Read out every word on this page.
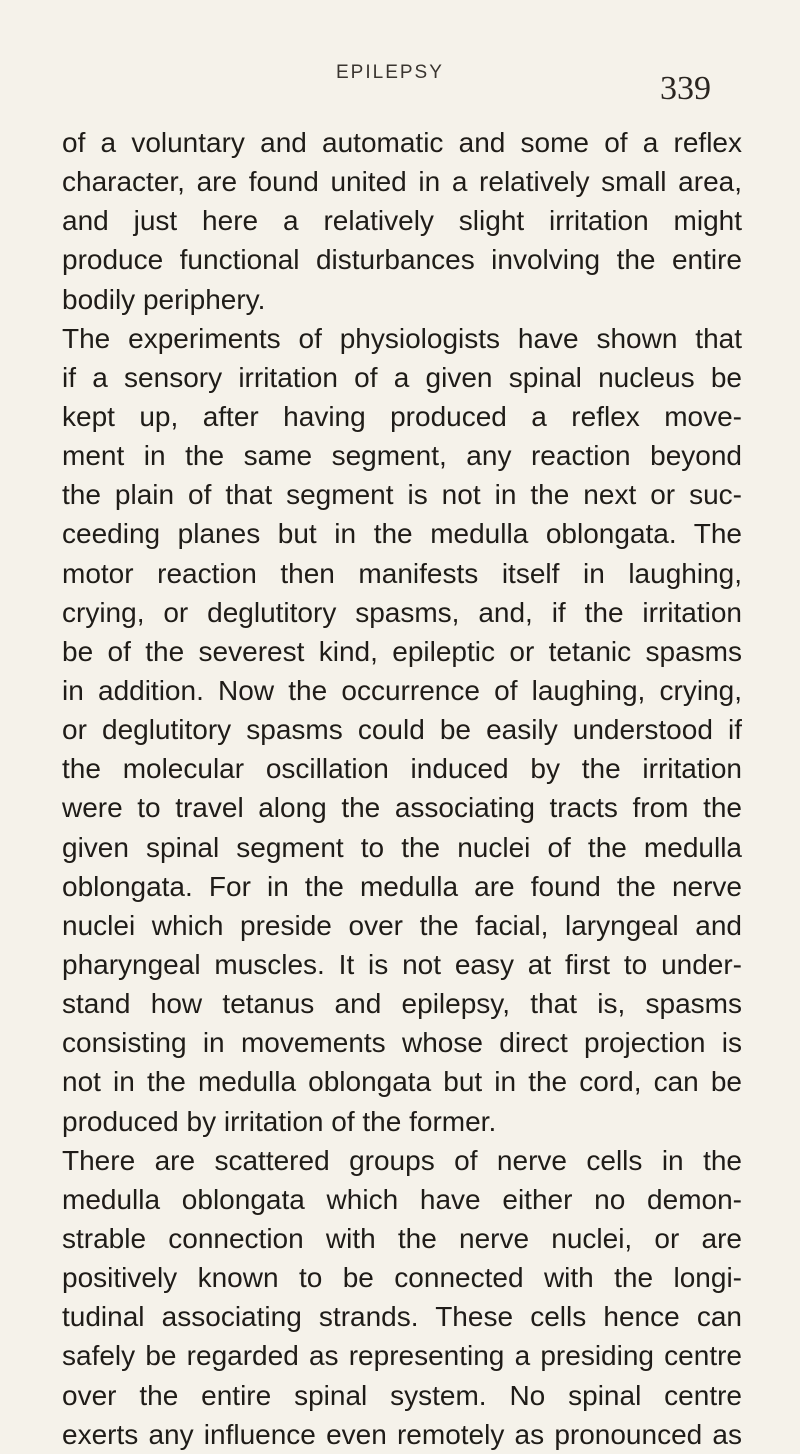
EPILEPSY	339
of a voluntary and automatic and some of a reflex
character, are found united in a relatively small area,
and just here a relatively slight irritation might
produce functional disturbances involving the entire
bodily periphery.
The experiments of physiologists have shown that
if a sensory irritation of a given spinal nucleus be
kept up, after having produced a reflex move-
ment in the same segment, any reaction beyond
the plain of that segment is not in the next or suc-
ceeding planes but in the medulla oblongata. The
motor reaction then manifests itself in laughing,
crying, or deglutitory spasms, and, if the irritation
be of the severest kind, epileptic or tetanic spasms
in addition. Now the occurrence of laughing, crying,
or deglutitory spasms could be easily understood if
the molecular oscillation induced by the irritation
were to travel along the associating tracts from the
given spinal segment to the nuclei of the medulla
oblongata. For in the medulla are found the nerve
nuclei which preside over the facial, laryngeal and
pharyngeal muscles. It is not easy at first to under-
stand how tetanus and epilepsy, that is, spasms
consisting in movements whose direct projection is
not in the medulla oblongata but in the cord, can be
produced by irritation of the former.
There are scattered groups of nerve cells in the
medulla oblongata which have either no demon-
strable connection with the nerve nuclei, or are
positively known to be connected with the longi-
tudinal associating strands. These cells hence can
safely be regarded as representing a presiding centre
over the entire spinal system. No spinal centre
exerts any influence even remotely as pronounced as
